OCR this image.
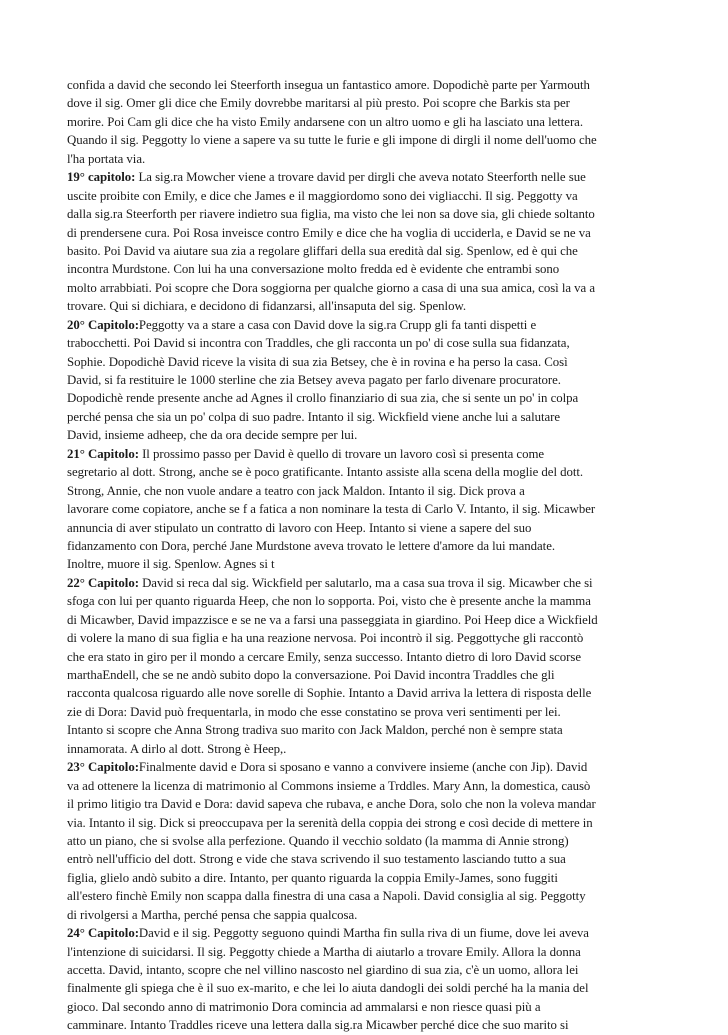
confida a david che secondo lei Steerforth insegua un fantastico amore. Dopodichè parte per Yarmouth
dove il sig. Omer gli dice che Emily dovrebbe maritarsi al più presto. Poi scopre che Barkis sta per
morire. Poi Cam gli dice che ha visto Emily andarsene con un altro uomo e gli ha lasciato una lettera.
Quando il sig. Peggotty lo viene a sapere va su tutte le furie e gli impone di dirgli il nome dell'uomo che
l'ha portata via.
19° capitolo: La sig.ra Mowcher viene a trovare david per dirgli che aveva notato Steerforth nelle sue
uscite proibite con Emily, e dice che James e il maggiordomo sono dei vigliacchi. Il sig. Peggotty va
dalla sig.ra Steerforth per riavere indietro sua figlia, ma visto che lei non sa dove sia, gli chiede soltanto
di prendersene cura. Poi Rosa inveisce contro Emily e dice che ha voglia di ucciderla, e David se ne va
basito. Poi David va aiutare sua zia a regolare gliffari della sua eredità dal sig. Spenlow, ed è qui che
incontra Murdstone. Con lui ha una conversazione molto fredda ed è evidente che entrambi sono
molto arrabbiati. Poi scopre che Dora soggiorna per qualche giorno a casa di una sua amica, così la va a
trovare. Qui si dichiara, e decidono di fidanzarsi, all'insaputa del sig. Spenlow.
20° Capitolo:Peggotty va a stare a casa con David dove la sig.ra Crupp gli fa tanti dispetti e
trabocchetti. Poi David si incontra con Traddles, che gli racconta un po' di cose sulla sua fidanzata,
Sophie. Dopodichè David riceve la visita di sua zia Betsey, che è in rovina e ha perso la casa. Così
David, si fa restituire le 1000 sterline che zia Betsey aveva pagato per farlo divenare procuratore.
Dopodichè rende presente anche ad Agnes il crollo finanziario di sua zia, che si sente un po' in colpa
perché pensa che sia un po' colpa di suo padre. Intanto il sig. Wickfield viene anche lui a salutare
David, insieme adheep, che da ora decide sempre per lui.
21° Capitolo: Il prossimo passo per David è quello di trovare un lavoro così si presenta come
segretario al dott. Strong, anche se è poco gratificante. Intanto assiste alla scena della moglie del dott.
Strong, Annie, che non vuole andare a teatro con jack Maldon. Intanto il sig. Dick prova a
lavorare come copiatore, anche se f a fatica a non nominare la testa di Carlo V. Intanto, il sig. Micawber
annuncia di aver stipulato un contratto di lavoro con Heep. Intanto si viene a sapere del suo
fidanzamento con Dora, perché Jane Murdstone aveva trovato le lettere d'amore da lui mandate.
Inoltre, muore il sig. Spenlow. Agnes si t
22° Capitolo: David si reca dal sig. Wickfield per salutarlo, ma a casa sua trova il sig. Micawber che si
sfoga con lui per quanto riguarda Heep, che non lo sopporta. Poi, visto che è presente anche la mamma
di Micawber, David impazzisce e se ne va a farsi una passeggiata in giardino. Poi Heep dice a Wickfield
di volere la mano di sua figlia e ha una reazione nervosa. Poi incontrò il sig. Peggottyche gli raccontò
che era stato in giro per il mondo a cercare Emily, senza successo. Intanto dietro di loro David scorse
marthaEndell, che se ne andò subito dopo la conversazione. Poi David incontra Traddles che gli
racconta qualcosa riguardo alle nove sorelle di Sophie. Intanto a David arriva la lettera di risposta delle
zie di Dora: David può frequentarla, in modo che esse constatino se prova veri sentimenti per lei.
Intanto si scopre che Anna Strong tradiva suo marito con Jack Maldon, perché non è sempre stata
innamorata. A dirlo al dott. Strong è Heep,.
23° Capitolo:Finalmente david e Dora si sposano e vanno a convivere insieme (anche con Jip). David
va ad ottenere la licenza di matrimonio al Commons insieme a Trddles. Mary Ann, la domestica, causò
il primo litigio tra David e Dora: david sapeva che rubava, e anche Dora, solo che non la voleva mandar
via. Intanto il sig. Dick si preoccupava per la serenità della coppia dei strong e così decide di mettere in
atto un piano, che si svolse alla perfezione. Quando il vecchio soldato (la mamma di Annie strong)
entrò nell'ufficio del dott. Strong e vide che stava scrivendo il suo testamento lasciando tutto a sua
figlia, glielo andò subito a dire. Intanto, per quanto riguarda la coppia Emily-James, sono fuggiti
all'estero finchè Emily non scappa dalla finestra di una casa a Napoli. David consiglia al sig. Peggotty
di rivolgersi a Martha, perché pensa che sappia qualcosa.
24° Capitolo:David e il sig. Peggotty seguono quindi Martha fin sulla riva di un fiume, dove lei aveva
l'intenzione di suicidarsi. Il sig. Peggotty chiede a Martha di aiutarlo a trovare Emily. Allora la donna
accetta. David, intanto, scopre che nel villino nascosto nel giardino di sua zia, c'è un uomo, allora lei
finalmente gli spiega che è il suo ex-marito, e che lei lo aiuta dandogli dei soldi perché ha la mania del
gioco. Dal secondo anno di matrimonio Dora comincia ad ammalarsi e non riesce quasi più a
camminare. Intanto Traddles riceve una lettera dalla sig.ra Micawber perché dice che suo marito si
